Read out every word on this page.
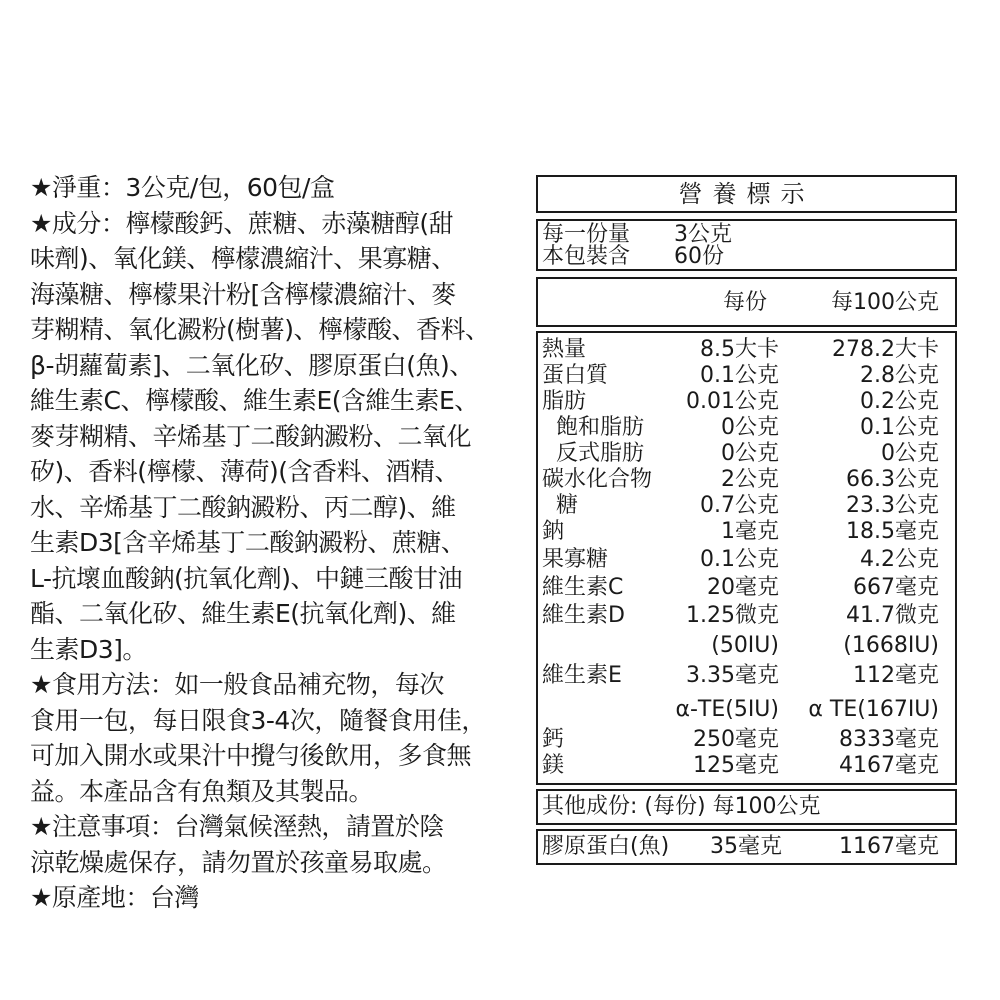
★淨重：3公克/包，60包/盒
★成分：檸檬酸鈣、蔗糖、赤藻糖醇(甜
味劑)、氧化鎂、檸檬濃縮汁、果寡糖、
海藻糖、檸檬果汁粉[含檸檬濃縮汁、麥
芽糊精、氧化澱粉(樹薯)、檸檬酸、香料、
β-胡蘿蔔素]、二氧化矽、膠原蛋白(魚)、
維生素C、檸檬酸、維生素E(含維生素E、
麥芽糊精、辛烯基丁二酸鈉澱粉、二氧化
矽)、香料(檸檬、薄荷)(含香料、酒精、
水、辛烯基丁二酸鈉澱粉、丙二醇)、維
生素D3[含辛烯基丁二酸鈉澱粉、蔗糖、
L-抗壞血酸鈉(抗氧化劑)、中鏈三酸甘油
酯、二氧化矽、維生素E(抗氧化劑)、維
生素D3]。
★食用方法：如一般食品補充物，每次
食用一包，每日限食3-4次，隨餐食用佳，
可加入開水或果汁中攪勻後飲用，多食無
益。本產品含有魚類及其製品。
★注意事項：台灣氣候溼熱，請置於陰
涼乾燥處保存，請勿置於孩童易取處。
★原產地：台灣
營養標示
每一份量 3公克
本包裝含 60份
每份	每100公克
熱量	8.5大卡 278.2大卡
蛋白質	0.1公克	2.8公克
脂肪	0.01公克	0.2公克
飽和脂肪	0公克	0.1公克
反式脂肪	0公克	0公克
碳水化合物	2公克	66.3公克
糖	0.7公克	23.3公克
鈉	1毫克	18.5毫克
果寡糖	0.1公克	4.2公克
維生素C	20毫克	667毫克
維生素D	1.25微克	41.7微克
(50IU)	(1668IU)
維生素E	3.35毫克	112毫克
α-TE(5IU) α TE(167IU)
鈣	250毫克	8333毫克
鎂	125毫克	4167毫克
其他成份: (每份) 每100公克
膠原蛋白(魚) 35毫克	1167毫克
